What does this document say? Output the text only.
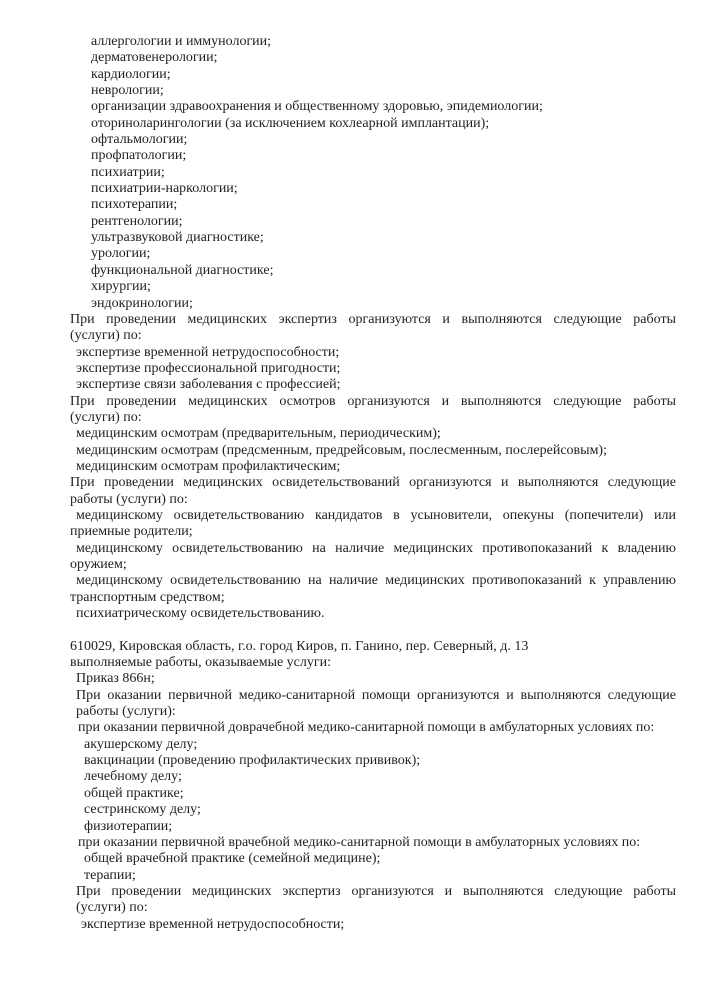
аллергологии и иммунологии;
дерматовенерологии;
кардиологии;
неврологии;
организации здравоохранения и общественному здоровью, эпидемиологии;
оториноларингологии (за исключением кохлеарной имплантации);
офтальмологии;
профпатологии;
психиатрии;
психиатрии-наркологии;
психотерапии;
рентгенологии;
ультразвуковой диагностике;
урологии;
функциональной диагностике;
хирургии;
эндокринологии;
При проведении медицинских экспертиз организуются и выполняются следующие работы
(услуги) по:
экспертизе временной нетрудоспособности;
экспертизе профессиональной пригодности;
экспертизе связи заболевания с профессией;
При проведении медицинских осмотров организуются и выполняются следующие работы
(услуги) по:
медицинским осмотрам (предварительным, периодическим);
медицинским осмотрам (предсменным, предрейсовым, послесменным, послерейсовым);
медицинским осмотрам профилактическим;
При проведении медицинских освидетельствований организуются и выполняются следующие
работы (услуги) по:
медицинскому освидетельствованию кандидатов в усыновители, опекуны (попечители) или
приемные родители;
медицинскому освидетельствованию на наличие медицинских противопоказаний к владению
оружием;
медицинскому освидетельствованию на наличие медицинских противопоказаний к управлению
транспортным средством;
психиатрическому освидетельствованию.
610029, Кировская область, г.о. город Киров, п. Ганино, пер. Северный, д. 13
выполняемые работы, оказываемые услуги:
Приказ 866н;
При оказании первичной медико-санитарной помощи организуются и выполняются следующие
работы (услуги):
при оказании первичной доврачебной медико-санитарной помощи в амбулаторных условиях по:
акушерскому делу;
вакцинации (проведению профилактических прививок);
лечебному делу;
общей практике;
сестринскому делу;
физиотерапии;
при оказании первичной врачебной медико-санитарной помощи в амбулаторных условиях по:
общей врачебной практике (семейной медицине);
терапии;
При проведении медицинских экспертиз организуются и выполняются следующие работы
(услуги) по:
экспертизе временной нетрудоспособности;
